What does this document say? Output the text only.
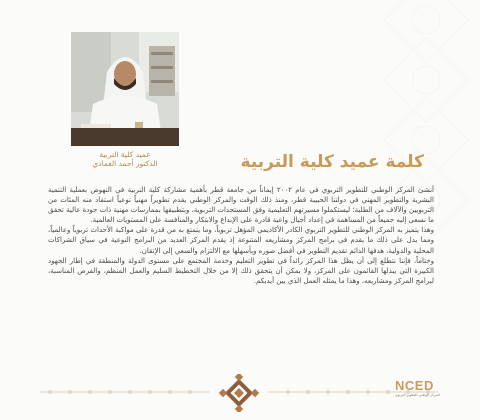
عميد كلية التربية
الدكتور أحمد العمادي	كلمة عميد كلية التربية

أنشئ المركز الوطني للتطوير التربوي في عام ٢٠٠٢ إيماناً من جامعة قطر بأهمية مشاركة كلية التربية في النهوض بعملية التنمية البشرية والتطوير المهني في دولتنا الحبيبة قطر، ومنذ ذلك الوقت والمركز الوطني يقدم تطويراً مهنياً نوعياً استفاد منه المئات من التربويين والآلاف من الطلبة؛ ليستكملوا مسيرتهم التعليمية وفق المستجدات التربوية، وبتطبيقها بممارسات مهنية ذات جودة عالية تحقق ما نسعى إليه جميعاً من المساهمة في إعداد أجيال واعية قادرة على الإبداع والابتكار والمنافسة على المستويات العالمية.

وهذا يتميز به المركز الوطني للتطوير التربوي الكادر الأكاديمي المؤهل تربوياً، وما يتمتع به من قدرة على مواكبة الأحداث تربوياً وعالمياً، ومما يدل على ذلك ما يقدم في برامج المركز ومشاريعه المتنوعة إذ يقدم المركز العديد من البرامج النوعية في سياق الشراكات المحلية والدولية، هدفها الدائم تقديم التطوير في أفضل صوره وبأسهلها مع الالتزام والسعي إلى الإتقان.

وختاماً، فإننا نتطلع إلى أن يظل هذا المركز رائداً في تطوير التعليم وخدمة المجتمع على مستوى الدولة والمنطقة في إطار الجهود الكبيرة التي يبذلها القائمون على المركز، ولا يمكن أن يتحقق ذلك إلا من خلال التخطيط السليم والعمل المنظم، والفرص المناسبة، لبرامج المركز ومشاريعه، وهذا ما يمثله العمل الذي بين أيديكم.

NCED
المركز الوطني للتطوير التربوي
